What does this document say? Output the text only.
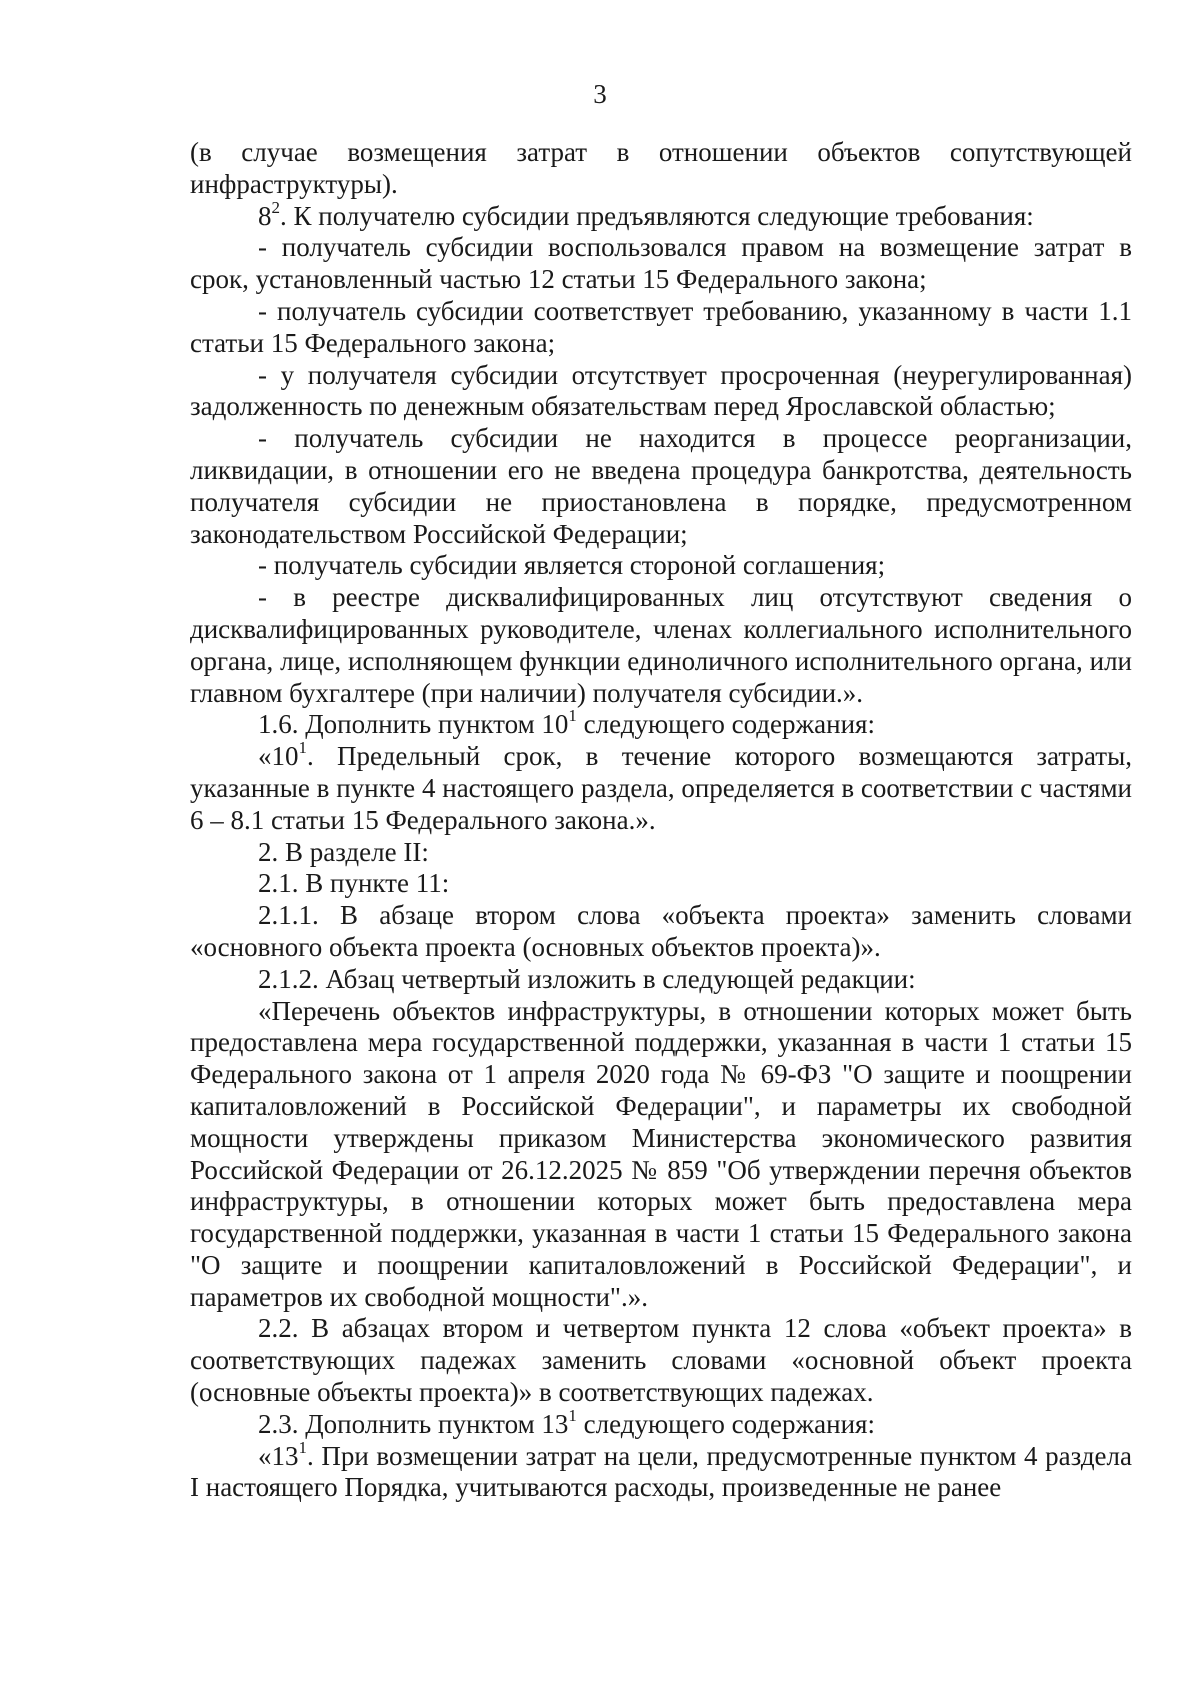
3

(в случае возмещения затрат в отношении объектов сопутствующей инфраструктуры).

$8^2$. К получателю субсидии предъявляются следующие требования:

- получатель субсидии воспользовался правом на возмещение затрат в срок, установленный частью 12 статьи 15 Федерального закона;

- получатель субсидии соответствует требованию, указанному в части 1.1 статьи 15 Федерального закона;

- у получателя субсидии отсутствует просроченная (неурегулированная) задолженность по денежным обязательствам перед Ярославской областью;

- получатель субсидии не находится в процессе реорганизации, ликвидации, в отношении его не введена процедура банкротства, деятельность получателя субсидии не приостановлена в порядке, предусмотренном законодательством Российской Федерации;

- получатель субсидии является стороной соглашения;

- в реестре дисквалифицированных лиц отсутствуют сведения о дисквалифицированных руководителе, членах коллегиального исполнительного органа, лице, исполняющем функции единоличного исполнительного органа, или главном бухгалтере (при наличии) получателя субсидии.».

1.6. Дополнить пунктом $10^1$ следующего содержания:

«$10^1$. Предельный срок, в течение которого возмещаются затраты, указанные в пункте 4 настоящего раздела, определяется в соответствии с частями 6 – 8.1 статьи 15 Федерального закона.».

2. В разделе II:

2.1. В пункте 11:

2.1.1. В абзаце втором слова «объекта проекта» заменить словами «основного объекта проекта (основных объектов проекта)».

2.1.2. Абзац четвертый изложить в следующей редакции:

«Перечень объектов инфраструктуры, в отношении которых может быть предоставлена мера государственной поддержки, указанная в части 1 статьи 15 Федерального закона от 1 апреля 2020 года № 69-ФЗ "О защите и поощрении капиталовложений в Российской Федерации", и параметры их свободной мощности утверждены приказом Министерства экономического развития Российской Федерации от 26.12.2025 № 859 "Об утверждении перечня объектов инфраструктуры, в отношении которых может быть предоставлена мера государственной поддержки, указанная в части 1 статьи 15 Федерального закона "О защите и поощрении капиталовложений в Российской Федерации", и параметров их свободной мощности".».

2.2. В абзацах втором и четвертом пункта 12 слова «объект проекта» в соответствующих падежах заменить словами «основной объект проекта (основные объекты проекта)» в соответствующих падежах.

2.3. Дополнить пунктом $13^1$ следующего содержания:

«$13^1$. При возмещении затрат на цели, предусмотренные пунктом 4 раздела I настоящего Порядка, учитываются расходы, произведенные не ранее
